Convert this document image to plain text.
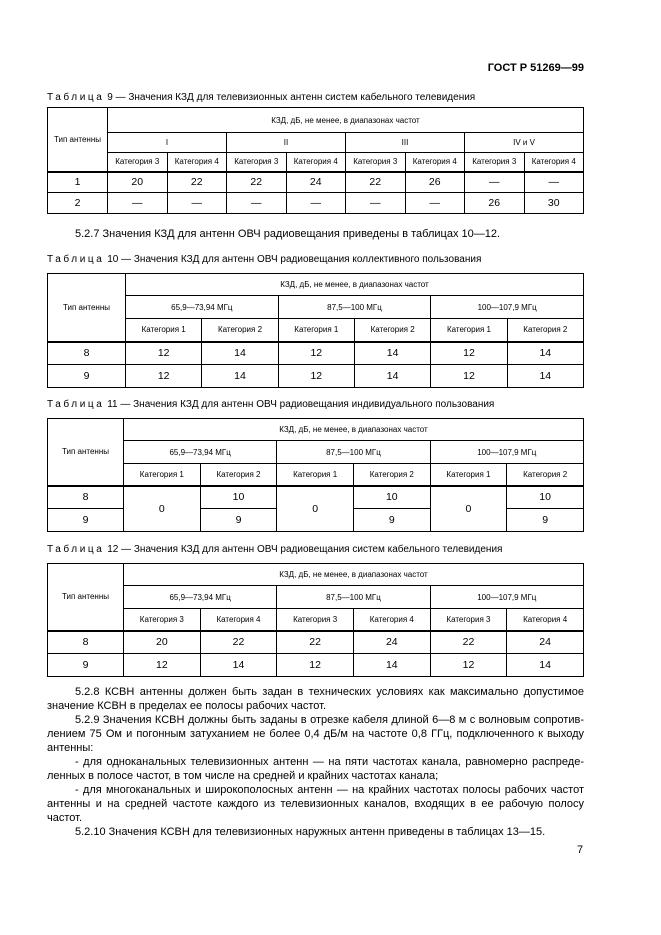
ГОСТ Р 51269—99
Таблица 9 — Значения КЗД для телевизионных антенн систем кабельного телевидения
Тип антенны	КЗД, дБ, не менее, в диапазонах частот							
	I		II		III		IV и V	
	Категория 3	Категория 4	Категория 3	Категория 4	Категория 3	Категория 4	Категория 3	Категория 4
1	20	22	22	24	22	26	—	—
2	—	—	—	—	—	—	26	30
5.2.7 Значения КЗД для антенн ОВЧ радиовещания приведены в таблицах 10—12.
Таблица 10 — Значения КЗД для антенн ОВЧ радиовещания коллективного пользования
Тип антенны	КЗД, дБ, не менее, в диапазонах частот					
	65,9—73,94 МГц		87,5—100 МГц		100—107,9 МГц	
	Категория 1	Категория 2	Категория 1	Категория 2	Категория 1	Категория 2
8	12	14	12	14	12	14
9	12	14	12	14	12	14
Таблица 11 — Значения КЗД для антенн ОВЧ радиовещания индивидуального пользования
Тип антенны	КЗД, дБ, не менее, в диапазонах частот					
	65,9—73,94 МГц		87,5—100 МГц		100—107,9 МГц	
	Категория 1	Категория 2	Категория 1	Категория 2	Категория 1	Категория 2
8	0	10	0	10	0	10
9		9		9		9
Таблица 12 — Значения КЗД для антенн ОВЧ радиовещания систем кабельного телевидения
Тип антенны	КЗД, дБ, не менее, в диапазонах частот					
	65,9—73,94 МГц		87,5—100 МГц		100—107,9 МГц	
	Категория 3	Категория 4	Категория 3	Категория 4	Категория 3	Категория 4
8	20	22	22	24	22	24
9	12	14	12	14	12	14
5.2.8 КСВН антенны должен быть задан в технических условиях как максимально допустимое
значение КСВН в пределах ее полосы рабочих частот.
5.2.9 Значения КСВН должны быть заданы в отрезке кабеля длиной 6—8 м с волновым сопротив-
лением 75 Ом и погонным затуханием не более 0,4 дБ/м на частоте 0,8 ГГц, подключенного к выходу
антенны:
- для одноканальных телевизионных антенн — на пяти частотах канала, равномерно распреде-
ленных в полосе частот, в том числе на средней и крайних частотах канала;
- для многоканальных и широкополосных антенн — на крайних частотах полосы рабочих частот
антенны и на средней частоте каждого из телевизионных каналов, входящих в ее рабочую полосу
частот.
5.2.10 Значения КСВН для телевизионных наружных антенн приведены в таблицах 13—15.
7
